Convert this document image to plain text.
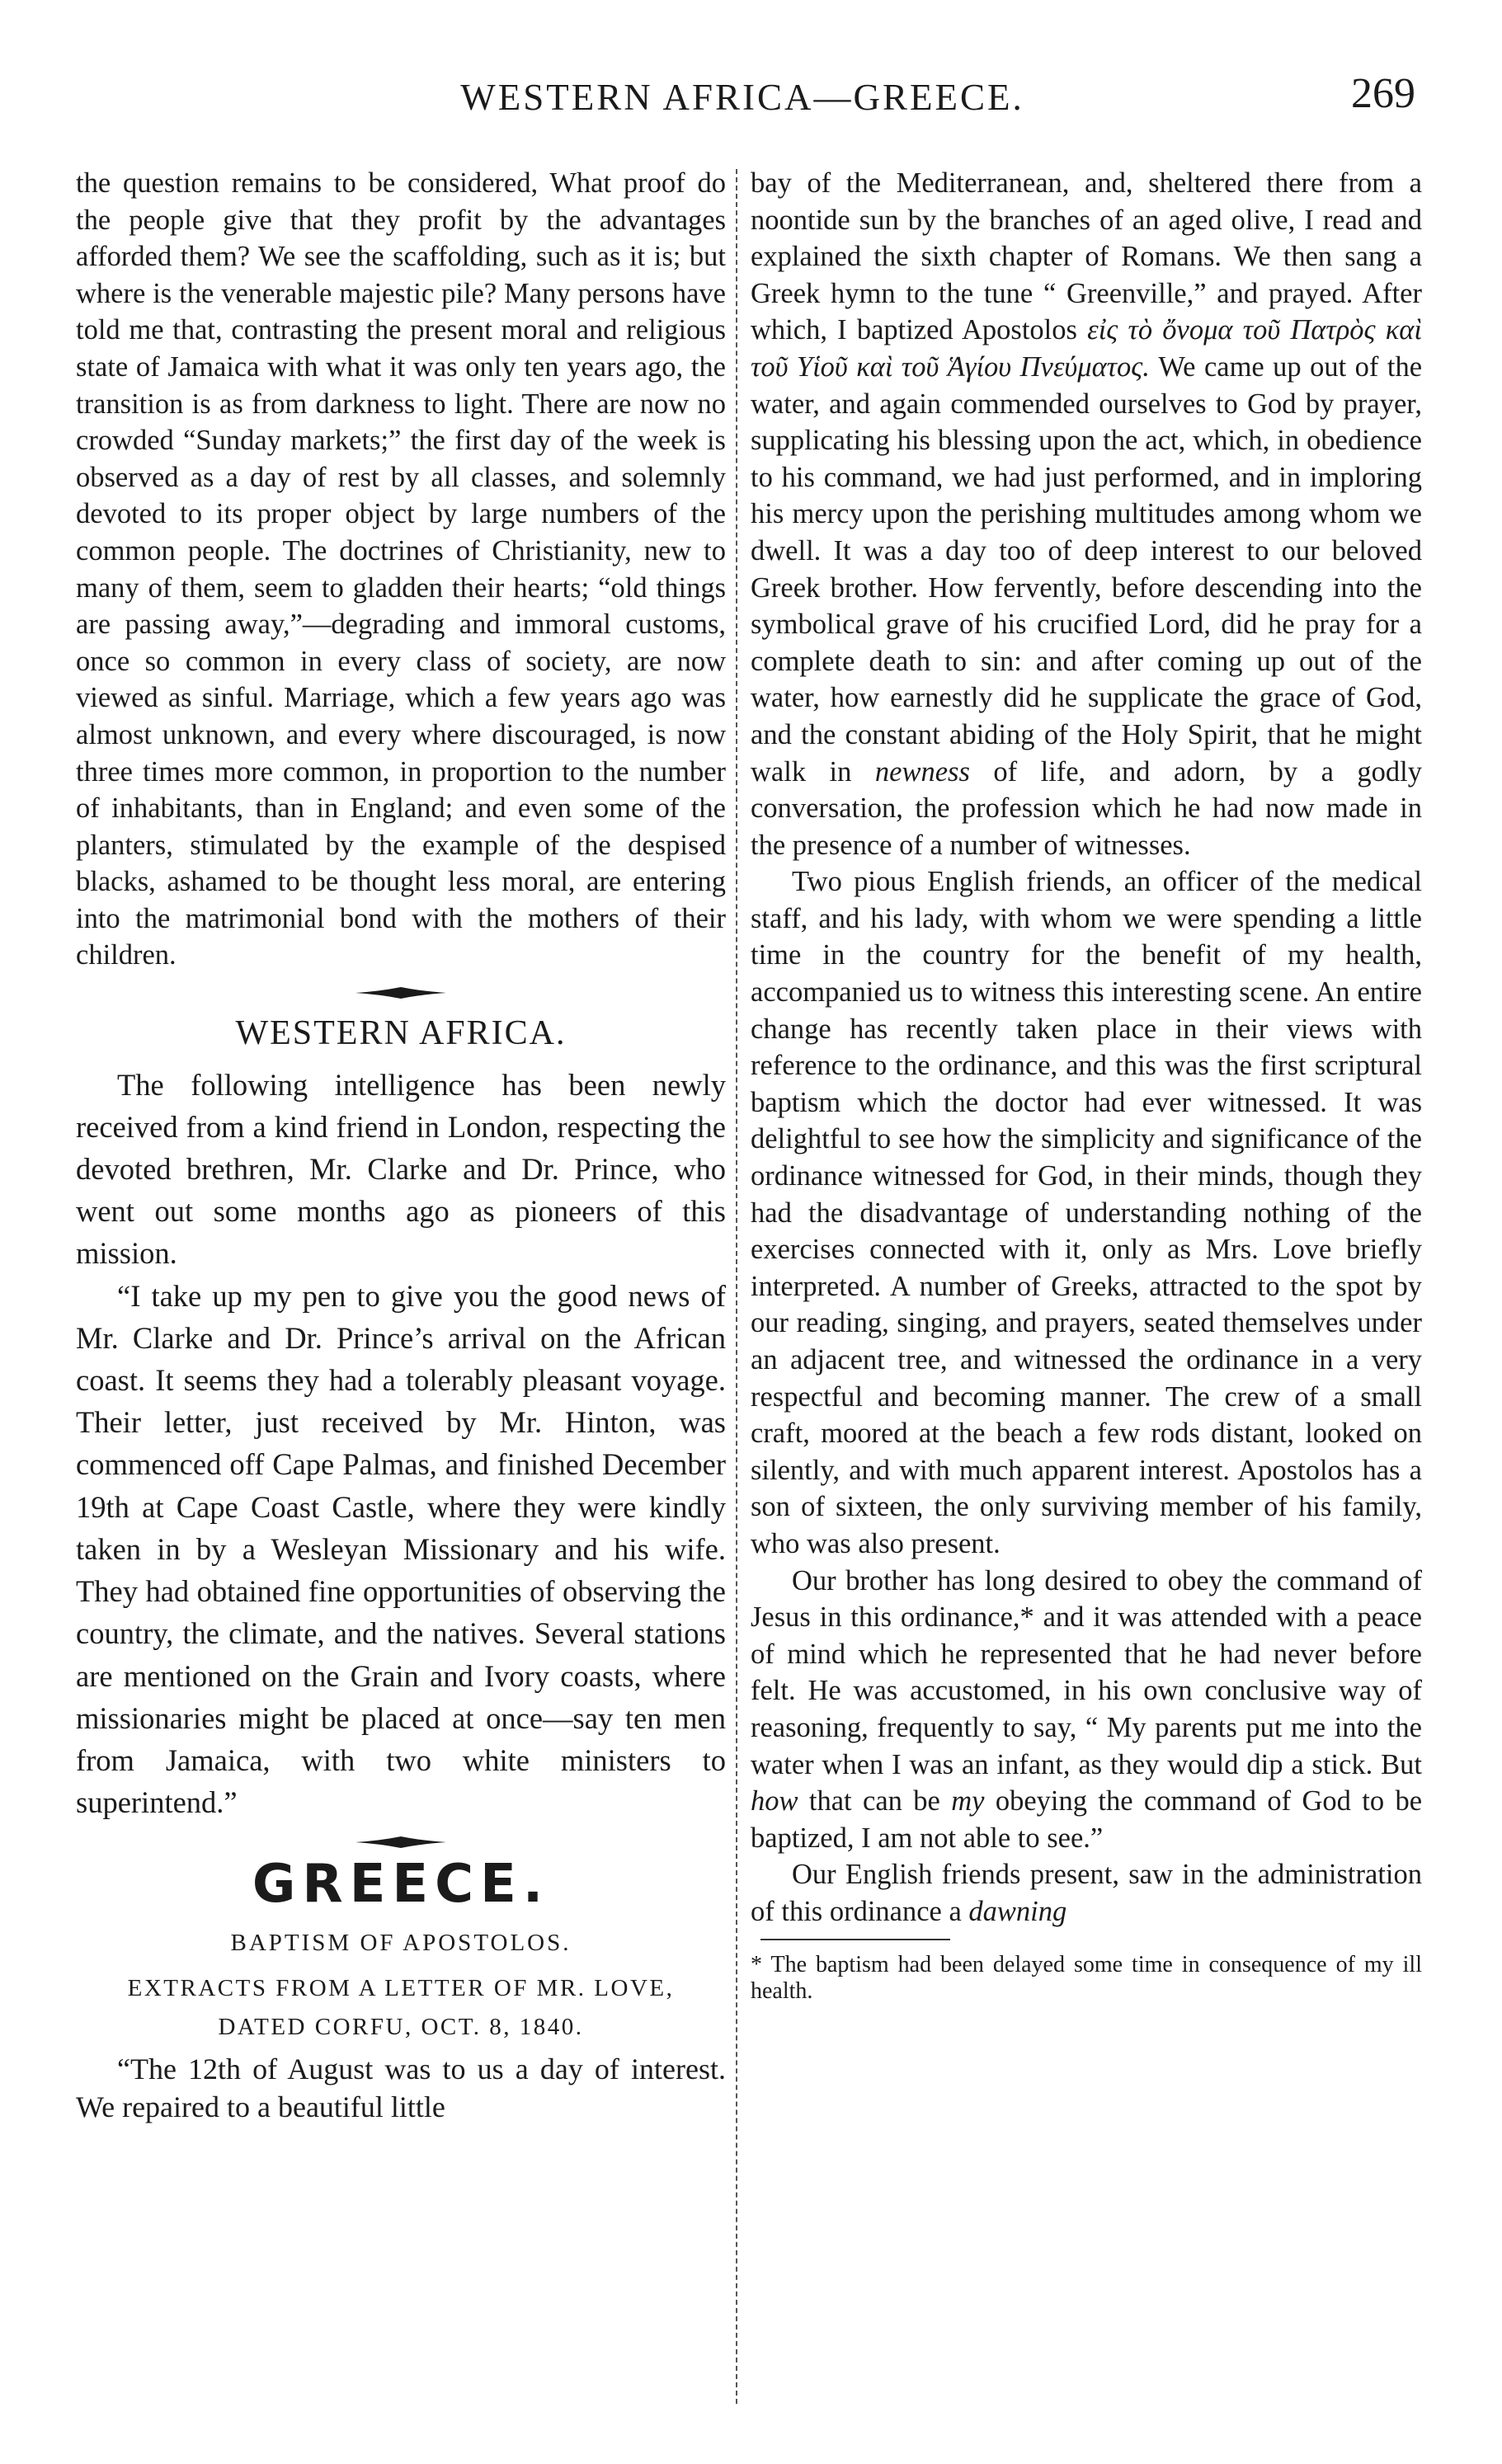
WESTERN AFRICA—GREECE.	269

the question remains to be considered, What proof do the people give that they profit by the advantages afforded them? We see the scaffolding, such as it is; but where is the venerable majestic pile? Many persons have told me that, contrasting the present moral and religious state of Jamaica with what it was only ten years ago, the transition is as from darkness to light. There are now no crowded “Sunday markets;” the first day of the week is observed as a day of rest by all classes, and solemnly devoted to its proper object by large numbers of the common people. The doctrines of Christianity, new to many of them, seem to gladden their hearts; “old things are passing away,”—degrading and immoral customs, once so common in every class of society, are now viewed as sinful. Marriage, which a few years ago was almost unknown, and every where discouraged, is now three times more common, in proportion to the number of inhabitants, than in England; and even some of the planters, stimulated by the example of the despised blacks, ashamed to be thought less moral, are entering into the matrimonial bond with the mothers of their children.

WESTERN AFRICA.

The following intelligence has been newly received from a kind friend in London, respecting the devoted brethren, Mr. Clarke and Dr. Prince, who went out some months ago as pioneers of this mission.

“I take up my pen to give you the good news of Mr. Clarke and Dr. Prince’s arrival on the African coast. It seems they had a tolerably pleasant voyage. Their letter, just received by Mr. Hinton, was commenced off Cape Palmas, and finished December 19th at Cape Coast Castle, where they were kindly taken in by a Wesleyan Missionary and his wife. They had obtained fine opportunities of observing the country, the climate, and the natives. Several stations are mentioned on the Grain and Ivory coasts, where missionaries might be placed at once—say ten men from Jamaica, with two white ministers to superintend.”

GREECE.

BAPTISM OF APOSTOLOS.

EXTRACTS FROM A LETTER OF MR. LOVE,

DATED CORFU, OCT. 8, 1840.

“The 12th of August was to us a day of interest. We repaired to a beautiful little

bay of the Mediterranean, and, sheltered there from a noontide sun by the branches of an aged olive, I read and explained the sixth chapter of Romans. We then sang a Greek hymn to the tune “ Greenville,” and prayed. After which, I baptized Apostolos εἰς τὸ ὄνομα τοῦ Πατρὸς καὶ τοῦ Υἱοῦ καὶ τοῦ Ἁγίου Πνεύματος. We came up out of the water, and again commended ourselves to God by prayer, supplicating his blessing upon the act, which, in obedience to his command, we had just performed, and in imploring his mercy upon the perishing multitudes among whom we dwell. It was a day too of deep interest to our beloved Greek brother. How fervently, before descending into the symbolical grave of his crucified Lord, did he pray for a complete death to sin: and after coming up out of the water, how earnestly did he supplicate the grace of God, and the constant abiding of the Holy Spirit, that he might walk in newness of life, and adorn, by a godly conversation, the profession which he had now made in the presence of a number of witnesses.

Two pious English friends, an officer of the medical staff, and his lady, with whom we were spending a little time in the country for the benefit of my health, accompanied us to witness this interesting scene. An entire change has recently taken place in their views with reference to the ordinance, and this was the first scriptural baptism which the doctor had ever witnessed. It was delightful to see how the simplicity and significance of the ordinance witnessed for God, in their minds, though they had the disadvantage of understanding nothing of the exercises connected with it, only as Mrs. Love briefly interpreted. A number of Greeks, attracted to the spot by our reading, singing, and prayers, seated themselves under an adjacent tree, and witnessed the ordinance in a very respectful and becoming manner. The crew of a small craft, moored at the beach a few rods distant, looked on silently, and with much apparent interest. Apostolos has a son of sixteen, the only surviving member of his family, who was also present.

Our brother has long desired to obey the command of Jesus in this ordinance,* and it was attended with a peace of mind which he represented that he had never before felt. He was accustomed, in his own conclusive way of reasoning, frequently to say, “ My parents put me into the water when I was an infant, as they would dip a stick. But how that can be my obeying the command of God to be baptized, I am not able to see.”

Our English friends present, saw in the administration of this ordinance a dawning

* The baptism had been delayed some time in consequence of my ill health.
